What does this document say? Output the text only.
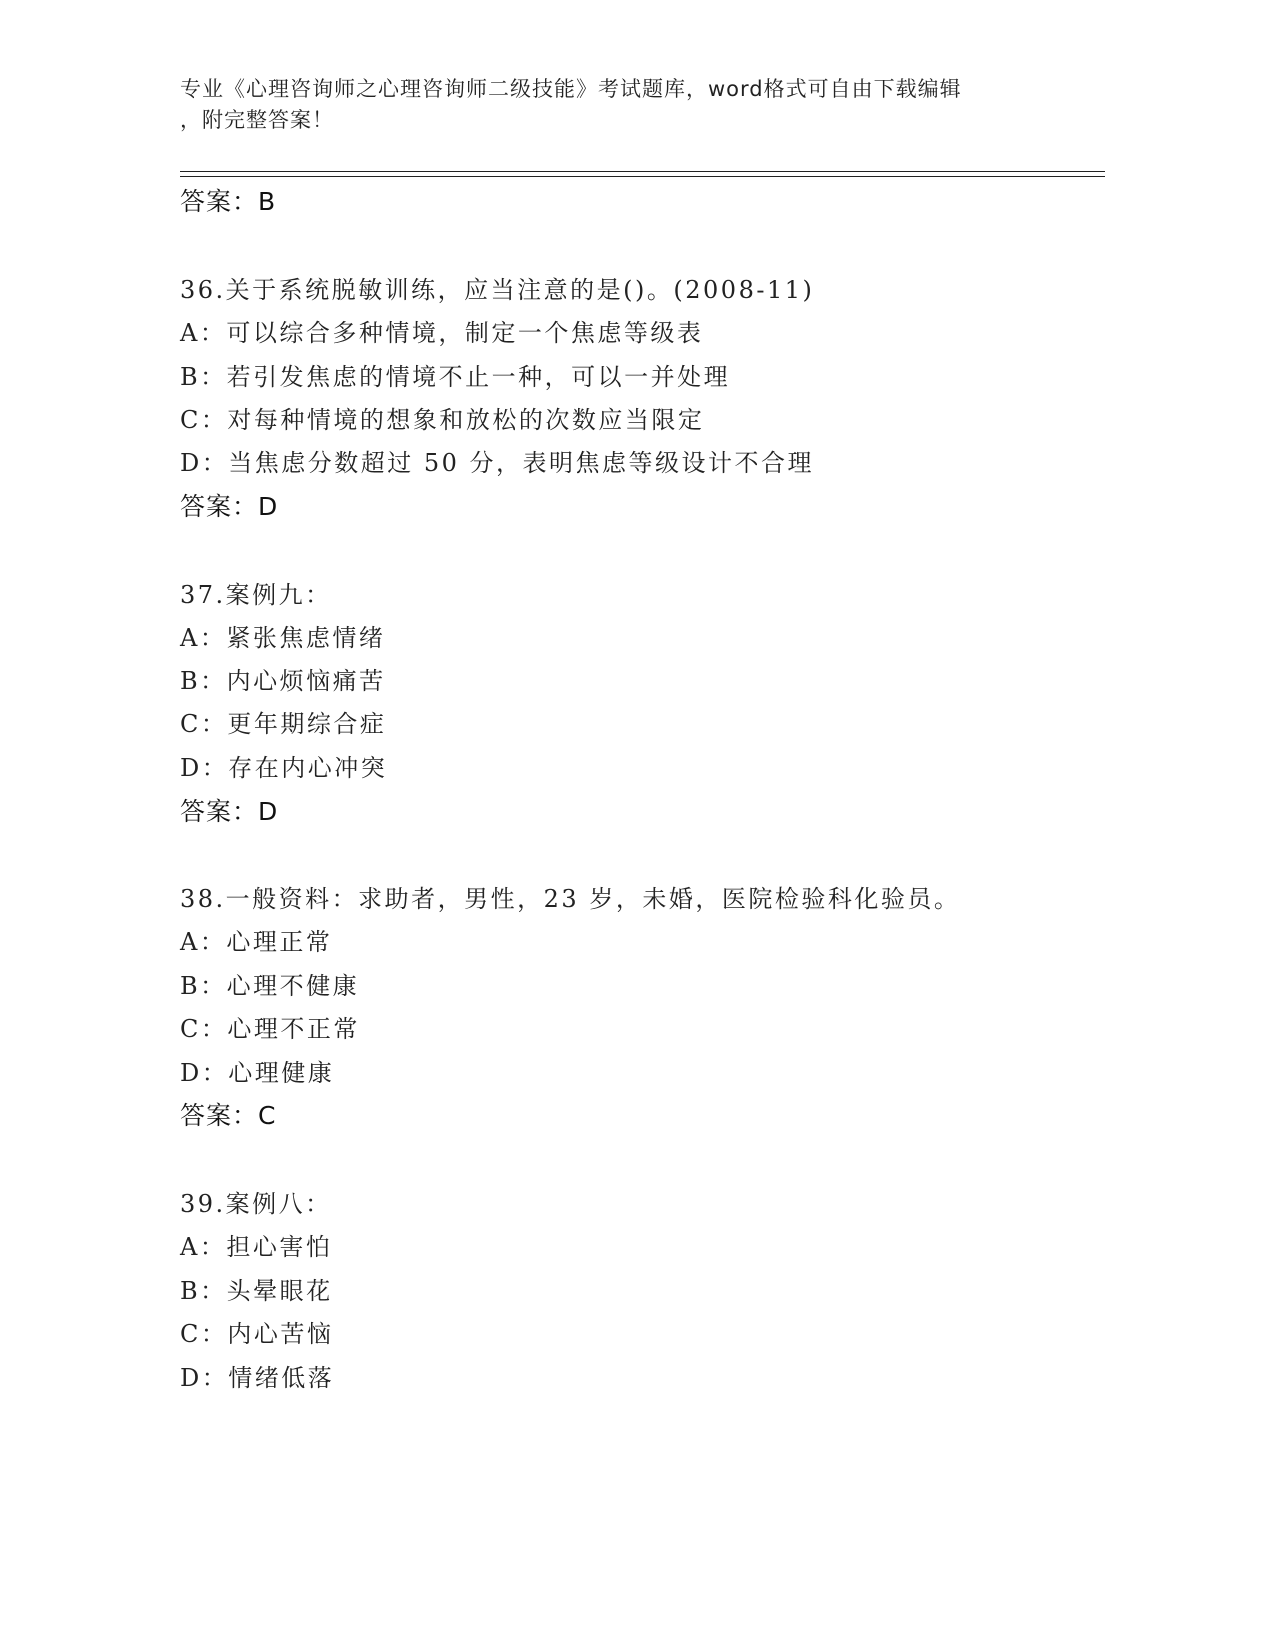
专业《心理咨询师之心理咨询师二级技能》考试题库，word格式可自由下载编辑
，附完整答案！
答案：B
36.关于系统脱敏训练，应当注意的是()。(2008-11)
A：可以综合多种情境，制定一个焦虑等级表
B：若引发焦虑的情境不止一种，可以一并处理
C：对每种情境的想象和放松的次数应当限定
D：当焦虑分数超过 50 分，表明焦虑等级设计不合理
答案：D
37.案例九：
A：紧张焦虑情绪
B：内心烦恼痛苦
C：更年期综合症
D：存在内心冲突
答案：D
38.一般资料：求助者，男性，23 岁，未婚，医院检验科化验员。
A：心理正常
B：心理不健康
C：心理不正常
D：心理健康
答案：C
39.案例八：
A：担心害怕
B：头晕眼花
C：内心苦恼
D：情绪低落
